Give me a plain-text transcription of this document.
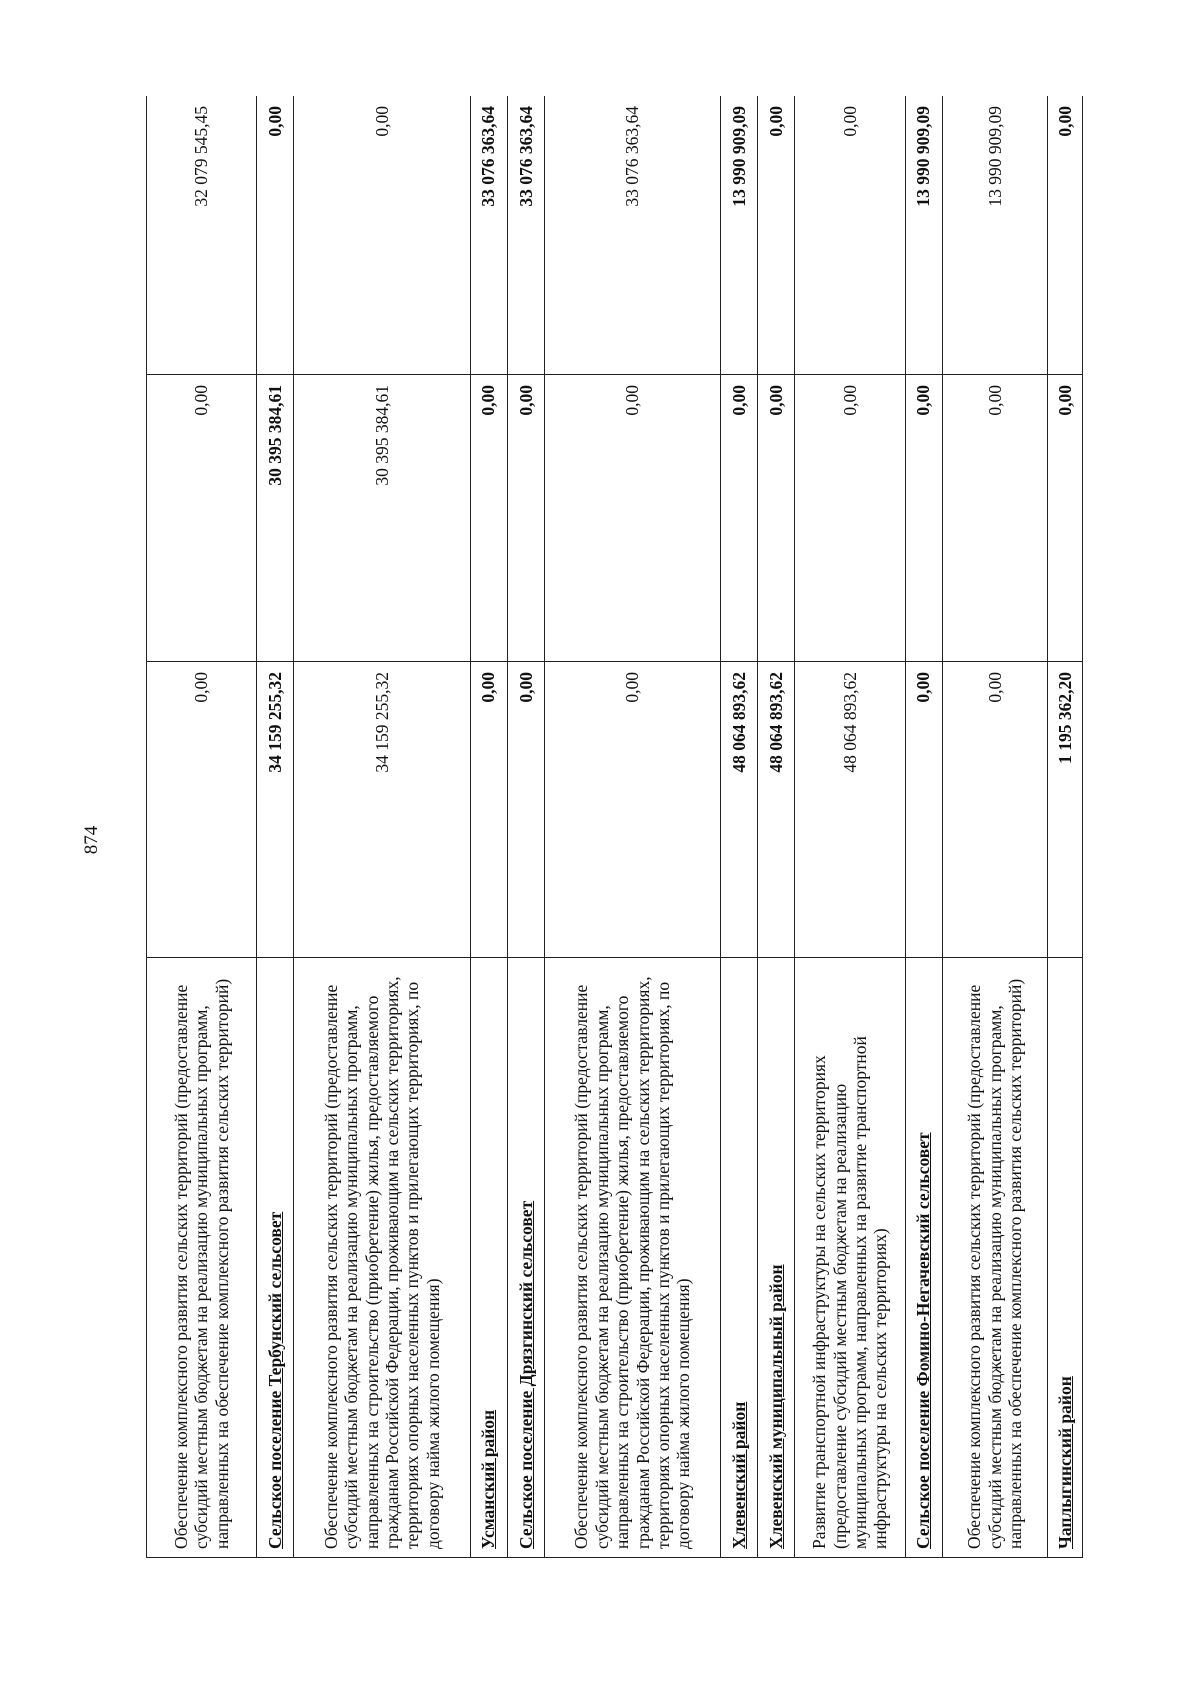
874
Обеспечение комплексного развития сельских территорий (предоставление субсидий местным бюджетам на реализацию муниципальных программ, направленных на обеспечение комплексного развития сельских территорий)	0,00	0,00	32 079 545,45
Сельское поселение Тербунский сельсовет	34 159 255,32	30 395 384,61	0,00
Обеспечение комплексного развития сельских территорий (предоставление субсидий местным бюджетам на реализацию муниципальных программ, направленных на строительство (приобретение) жилья, предоставляемого гражданам Российской Федерации, проживающим на сельских территориях, территориях опорных населенных пунктов и прилегающих территориях, по договору найма жилого помещения)	34 159 255,32	30 395 384,61	0,00
Усманский район	0,00	0,00	33 076 363,64
Сельское поселение Дрязгинский сельсовет	0,00	0,00	33 076 363,64
Обеспечение комплексного развития сельских территорий (предоставление субсидий местным бюджетам на реализацию муниципальных программ, направленных на строительство (приобретение) жилья, предоставляемого гражданам Российской Федерации, проживающим на сельских территориях, территориях опорных населенных пунктов и прилегающих территориях, по договору найма жилого помещения)	0,00	0,00	33 076 363,64
Хлевенский район	48 064 893,62	0,00	13 990 909,09
Хлевенский муниципальный район	48 064 893,62	0,00	0,00
Развитие транспортной инфраструктуры на сельских территориях (предоставление субсидий местным бюджетам на реализацию муниципальных программ, направленных на развитие транспортной инфраструктуры на сельских территориях)	48 064 893,62	0,00	0,00
Сельское поселение Фомино-Негачевский сельсовет	0,00	0,00	13 990 909,09
Обеспечение комплексного развития сельских территорий (предоставление субсидий местным бюджетам на реализацию муниципальных программ, направленных на обеспечение комплексного развития сельских территорий)	0,00	0,00	13 990 909,09
Чаплыгинский район	1 195 362,20	0,00	0,00
